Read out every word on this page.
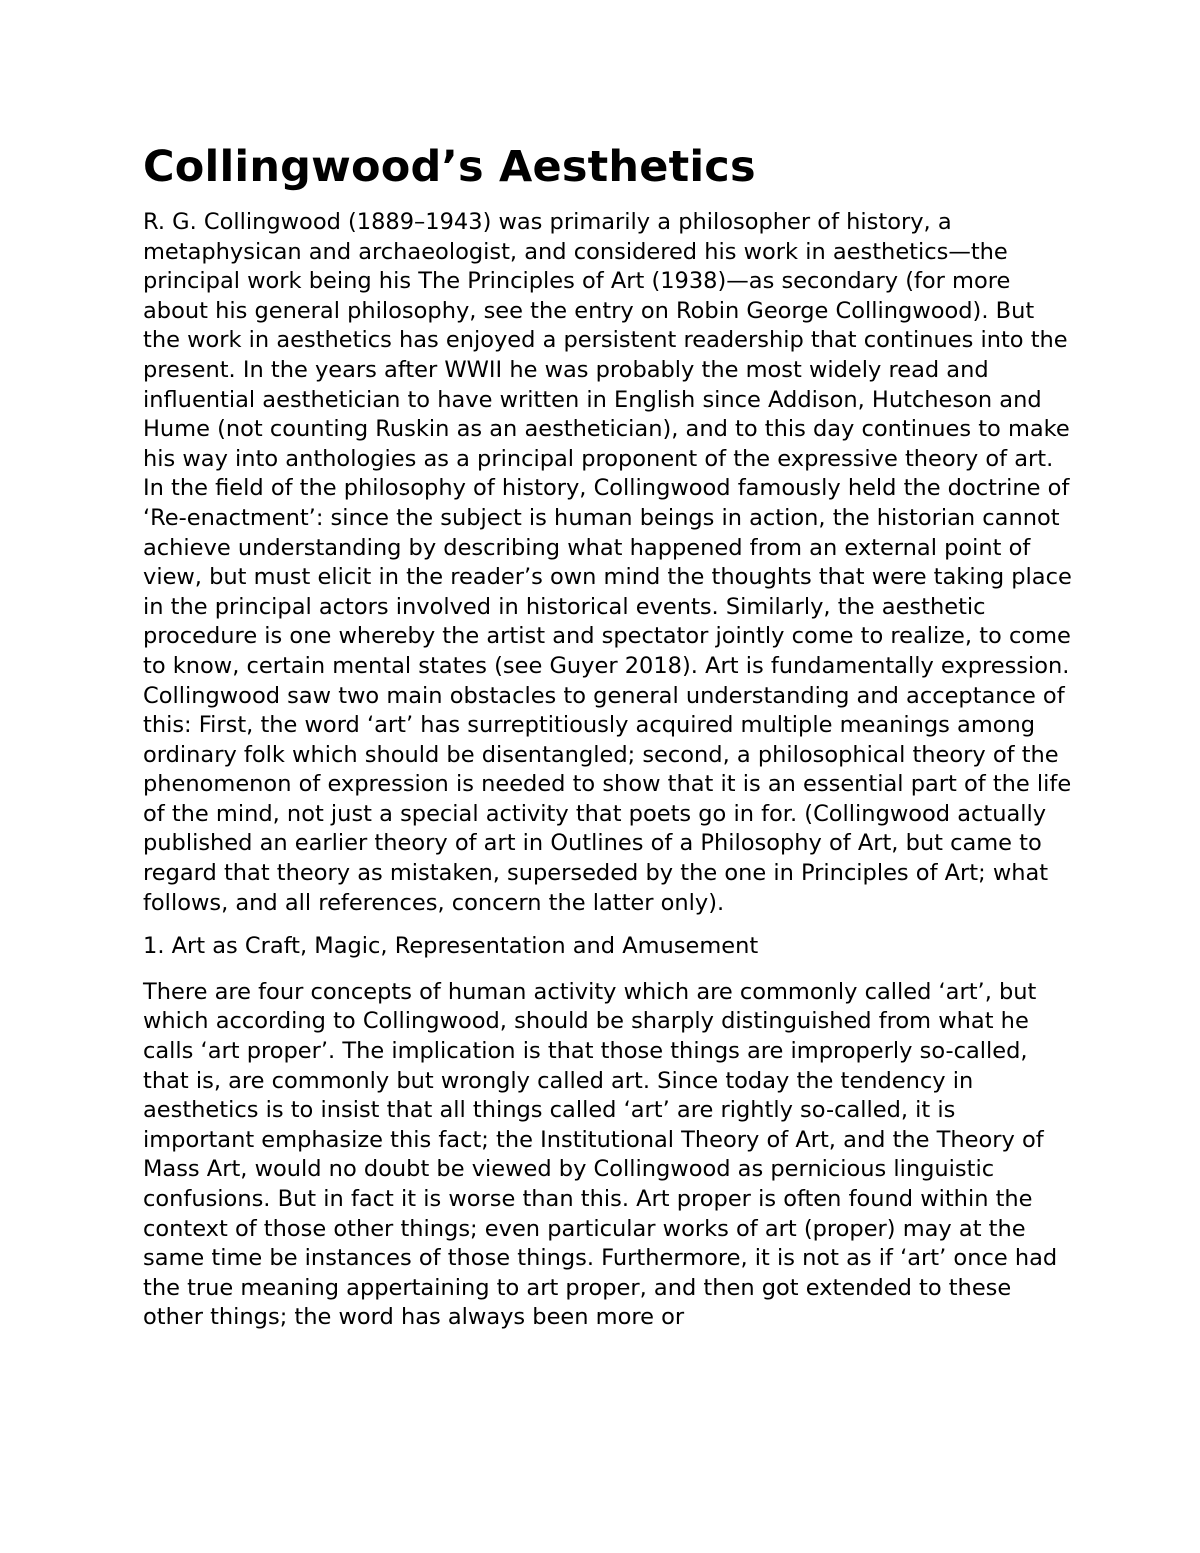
Collingwood’s Aesthetics

R. G. Collingwood (1889–1943) was primarily a philosopher of history, a metaphysican and archaeologist, and considered his work in aesthetics—the principal work being his The Principles of Art (1938)—as secondary (for more about his general philosophy, see the entry on Robin George Collingwood). But the work in aesthetics has enjoyed a persistent readership that continues into the present. In the years after WWII he was probably the most widely read and influential aesthetician to have written in English since Addison, Hutcheson and Hume (not counting Ruskin as an aesthetician), and to this day continues to make his way into anthologies as a principal proponent of the expressive theory of art. In the field of the philosophy of history, Collingwood famously held the doctrine of ‘Re-enactment’: since the subject is human beings in action, the historian cannot achieve understanding by describing what happened from an external point of view, but must elicit in the reader’s own mind the thoughts that were taking place in the principal actors involved in historical events. Similarly, the aesthetic procedure is one whereby the artist and spectator jointly come to realize, to come to know, certain mental states (see Guyer 2018). Art is fundamentally expression. Collingwood saw two main obstacles to general understanding and acceptance of this: First, the word ‘art’ has surreptitiously acquired multiple meanings among ordinary folk which should be disentangled; second, a philosophical theory of the phenomenon of expression is needed to show that it is an essential part of the life of the mind, not just a special activity that poets go in for. (Collingwood actually published an earlier theory of art in Outlines of a Philosophy of Art, but came to regard that theory as mistaken, superseded by the one in Principles of Art; what follows, and all references, concern the latter only).

1. Art as Craft, Magic, Representation and Amusement

There are four concepts of human activity which are commonly called ‘art’, but which according to Collingwood, should be sharply distinguished from what he calls ‘art proper’. The implication is that those things are improperly so-called, that is, are commonly but wrongly called art. Since today the tendency in aesthetics is to insist that all things called ‘art’ are rightly so-called, it is important emphasize this fact; the Institutional Theory of Art, and the Theory of Mass Art, would no doubt be viewed by Collingwood as pernicious linguistic confusions. But in fact it is worse than this. Art proper is often found within the context of those other things; even particular works of art (proper) may at the same time be instances of those things. Furthermore, it is not as if ‘art’ once had the true meaning appertaining to art proper, and then got extended to these other things; the word has always been more or
